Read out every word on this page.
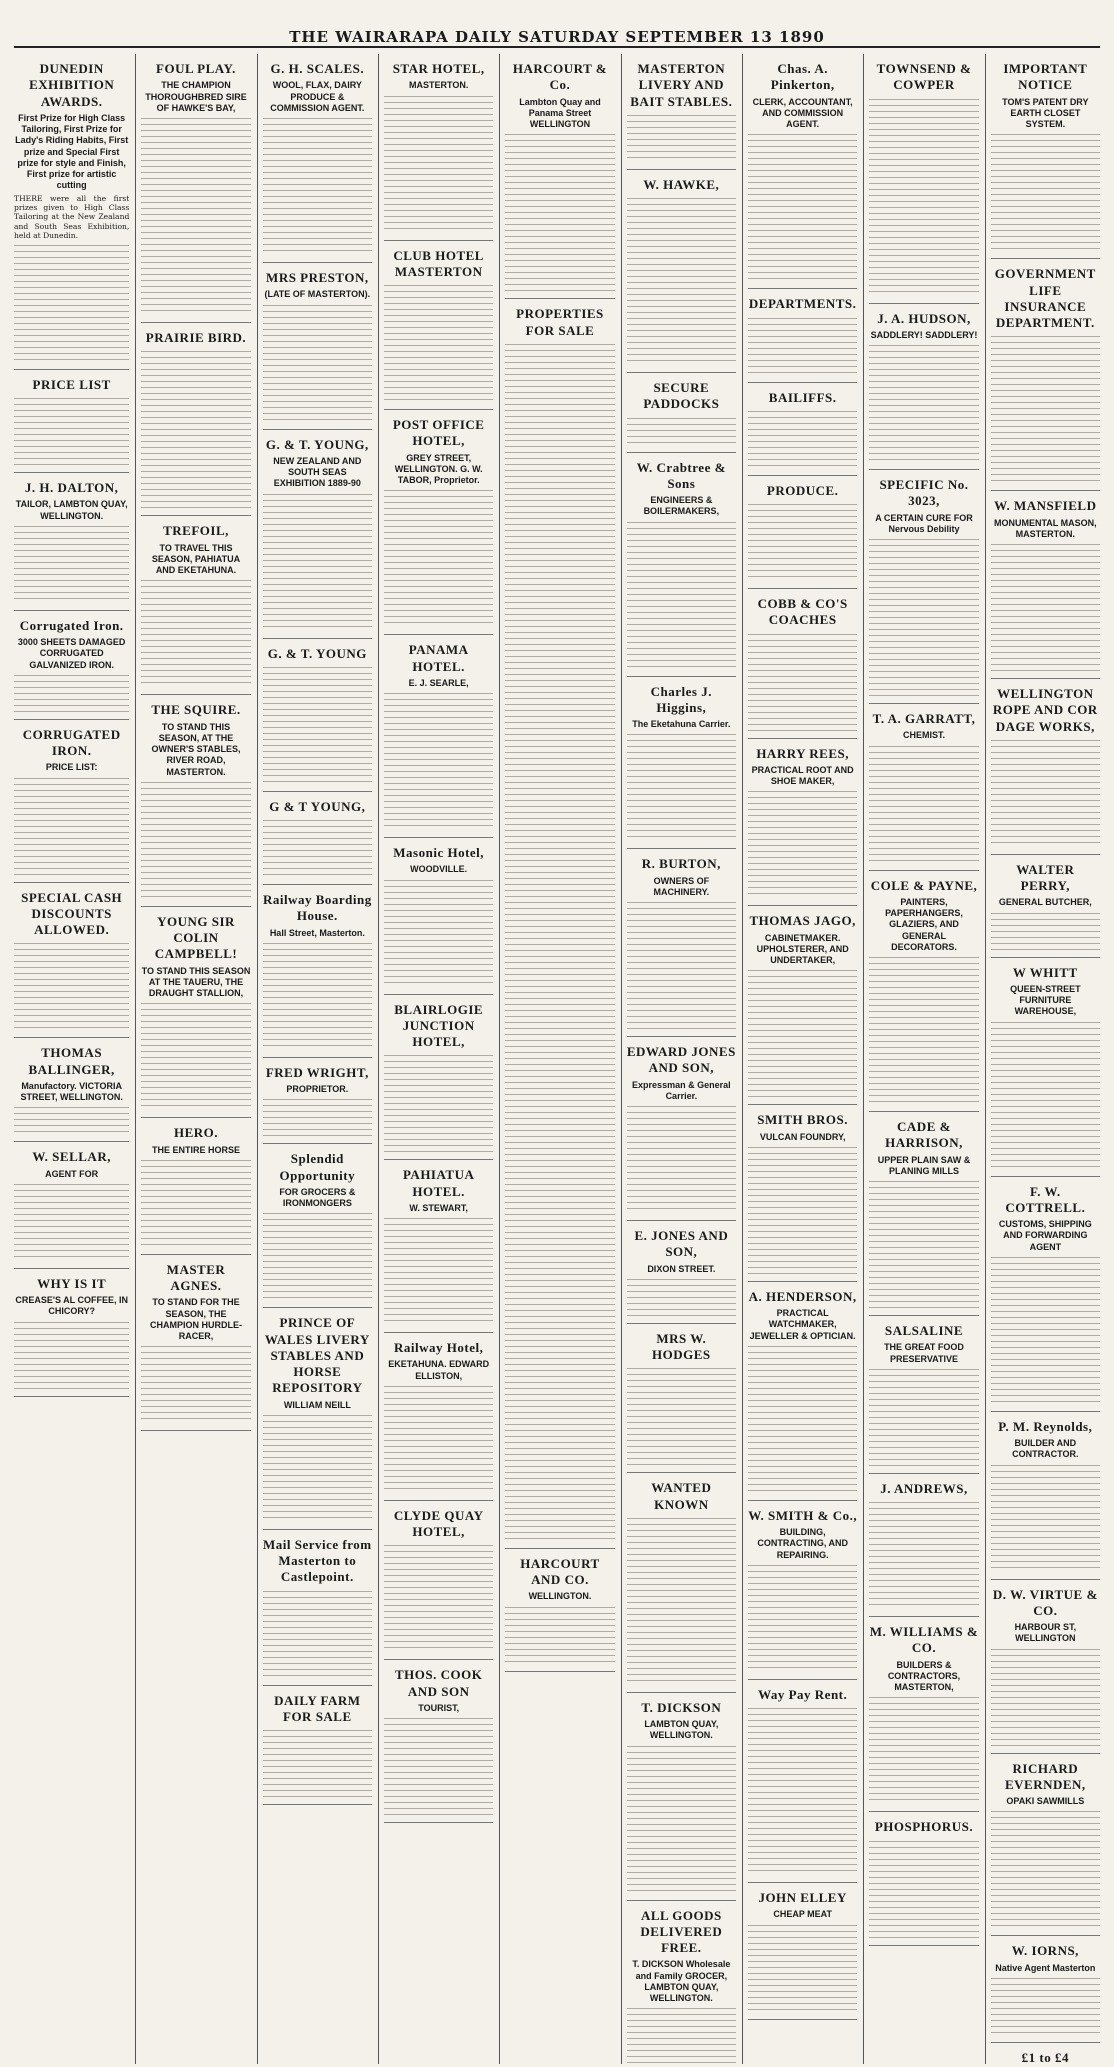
THE WAIRARAPA DAILY SATURDAY SEPTEMBER 13 1890
DUNEDIN EXHIBITION AWARDS.
First Prize for High Class Tailoring, First Prize for Lady's Riding Habits, First prize and Special First prize for style and Finish, First prize for artistic cutting

THERE were all the first prizes given to High Class Tailoring at the New Zealand and South Seas Exhibition, held at Dunedin.

PRICE LIST
J. H. DALTON,
TAILOR, LAMBTON QUAY, WELLINGTON.
Corrugated Iron.
3000 SHEETS DAMAGED CORRUGATED GALVANIZED IRON.
CORRUGATED IRON.
PRICE LIST:
SPECIAL CASH DISCOUNTS ALLOWED.
THOMAS BALLINGER,
Manufactory. VICTORIA STREET, WELLINGTON.
W. SELLAR,
AGENT FOR
WHY IS IT
CREASE'S AL COFFEE, IN CHICORY?
FOUL PLAY.
THE CHAMPION THOROUGHBRED SIRE OF HAWKE'S BAY,
PRAIRIE BIRD.
TREFOIL,
TO TRAVEL THIS SEASON, PAHIATUA AND EKETAHUNA.
THE SQUIRE.
TO STAND THIS SEASON, AT THE OWNER'S STABLES, RIVER ROAD, MASTERTON.
YOUNG SIR COLIN CAMPBELL!
TO STAND THIS SEASON AT THE TAUERU, THE DRAUGHT STALLION,
HERO.
THE ENTIRE HORSE
MASTER AGNES.
TO STAND FOR THE SEASON, THE CHAMPION HURDLE-RACER,
G. H. SCALES.
WOOL, FLAX, DAIRY PRODUCE & COMMISSION AGENT.
MRS PRESTON,
(LATE OF MASTERTON).
G. & T. YOUNG,
NEW ZEALAND AND SOUTH SEAS EXHIBITION 1889-90
G. & T. YOUNG
G & T YOUNG,
Railway Boarding House.
Hall Street, Masterton.
FRED WRIGHT,
PROPRIETOR.
Splendid Opportunity
FOR GROCERS & IRONMONGERS
PRINCE OF WALES LIVERY STABLES AND HORSE REPOSITORY
WILLIAM NEILL
Mail Service from Masterton to Castlepoint.
DAILY FARM FOR SALE
STAR HOTEL,
MASTERTON.
CLUB HOTEL MASTERTON
POST OFFICE HOTEL,
GREY STREET, WELLINGTON. G. W. TABOR, Proprietor.
PANAMA HOTEL.
E. J. SEARLE,
Masonic Hotel,
WOODVILLE.
BLAIRLOGIE JUNCTION HOTEL,
PAHIATUA HOTEL.
W. STEWART,
Railway Hotel,
EKETAHUNA. EDWARD ELLISTON,
CLYDE QUAY HOTEL,
THOS. COOK AND SON
TOURIST,
HARCOURT & Co.
Lambton Quay and Panama Street WELLINGTON
PROPERTIES FOR SALE
HARCOURT AND CO.
WELLINGTON.
MASTERTON LIVERY AND BAIT STABLES.
W. HAWKE,
SECURE PADDOCKS
W. Crabtree & Sons
ENGINEERS & BOILERMAKERS,
Charles J. Higgins,
The Eketahuna Carrier.
R. BURTON,
OWNERS OF MACHINERY.
EDWARD JONES AND SON,
Expressman & General Carrier.
E. JONES AND SON,
DIXON STREET.
MRS W. HODGES
WANTED KNOWN
T. DICKSON
LAMBTON QUAY, WELLINGTON.
ALL GOODS DELIVERED FREE.
T. DICKSON Wholesale and Family GROCER, LAMBTON QUAY, WELLINGTON.
Chas. A. Pinkerton,
CLERK, ACCOUNTANT, AND COMMISSION AGENT.
DEPARTMENTS.
BAILIFFS.
PRODUCE.
COBB & CO'S COACHES
HARRY REES,
PRACTICAL ROOT AND SHOE MAKER,
THOMAS JAGO,
CABINETMAKER. UPHOLSTERER, AND UNDERTAKER,
SMITH BROS.
VULCAN FOUNDRY,
A. HENDERSON,
PRACTICAL WATCHMAKER, JEWELLER & OPTICIAN.
W. SMITH & Co.,
BUILDING, CONTRACTING, AND REPAIRING.
Way Pay Rent.
JOHN ELLEY
CHEAP MEAT
TOWNSEND & COWPER
J. A. HUDSON,
SADDLERY! SADDLERY!
SPECIFIC No. 3023,
A CERTAIN CURE FOR Nervous Debility
T. A. GARRATT,
CHEMIST.
COLE & PAYNE,
PAINTERS, PAPERHANGERS, GLAZIERS, AND GENERAL DECORATORS.
CADE & HARRISON,
UPPER PLAIN SAW & PLANING MILLS
SALSALINE
THE GREAT FOOD PRESERVATIVE
J. ANDREWS,
M. WILLIAMS & CO.
BUILDERS & CONTRACTORS, MASTERTON,
PHOSPHORUS.
IMPORTANT NOTICE
TOM'S PATENT DRY EARTH CLOSET SYSTEM.
GOVERNMENT LIFE INSURANCE DEPARTMENT.
W. MANSFIELD
MONUMENTAL MASON, MASTERTON.
WELLINGTON ROPE AND COR DAGE WORKS,
WALTER PERRY,
GENERAL BUTCHER,
W WHITT
QUEEN-STREET FURNITURE WAREHOUSE,
F. W. COTTRELL.
CUSTOMS, SHIPPING AND FORWARDING AGENT
P. M. Reynolds,
BUILDER AND CONTRACTOR.
D. W. VIRTUE & CO.
HARBOUR ST, WELLINGTON
RICHARD EVERNDEN,
OPAKI SAWMILLS
W. IORNS,
Native Agent Masterton
£1 to £4
